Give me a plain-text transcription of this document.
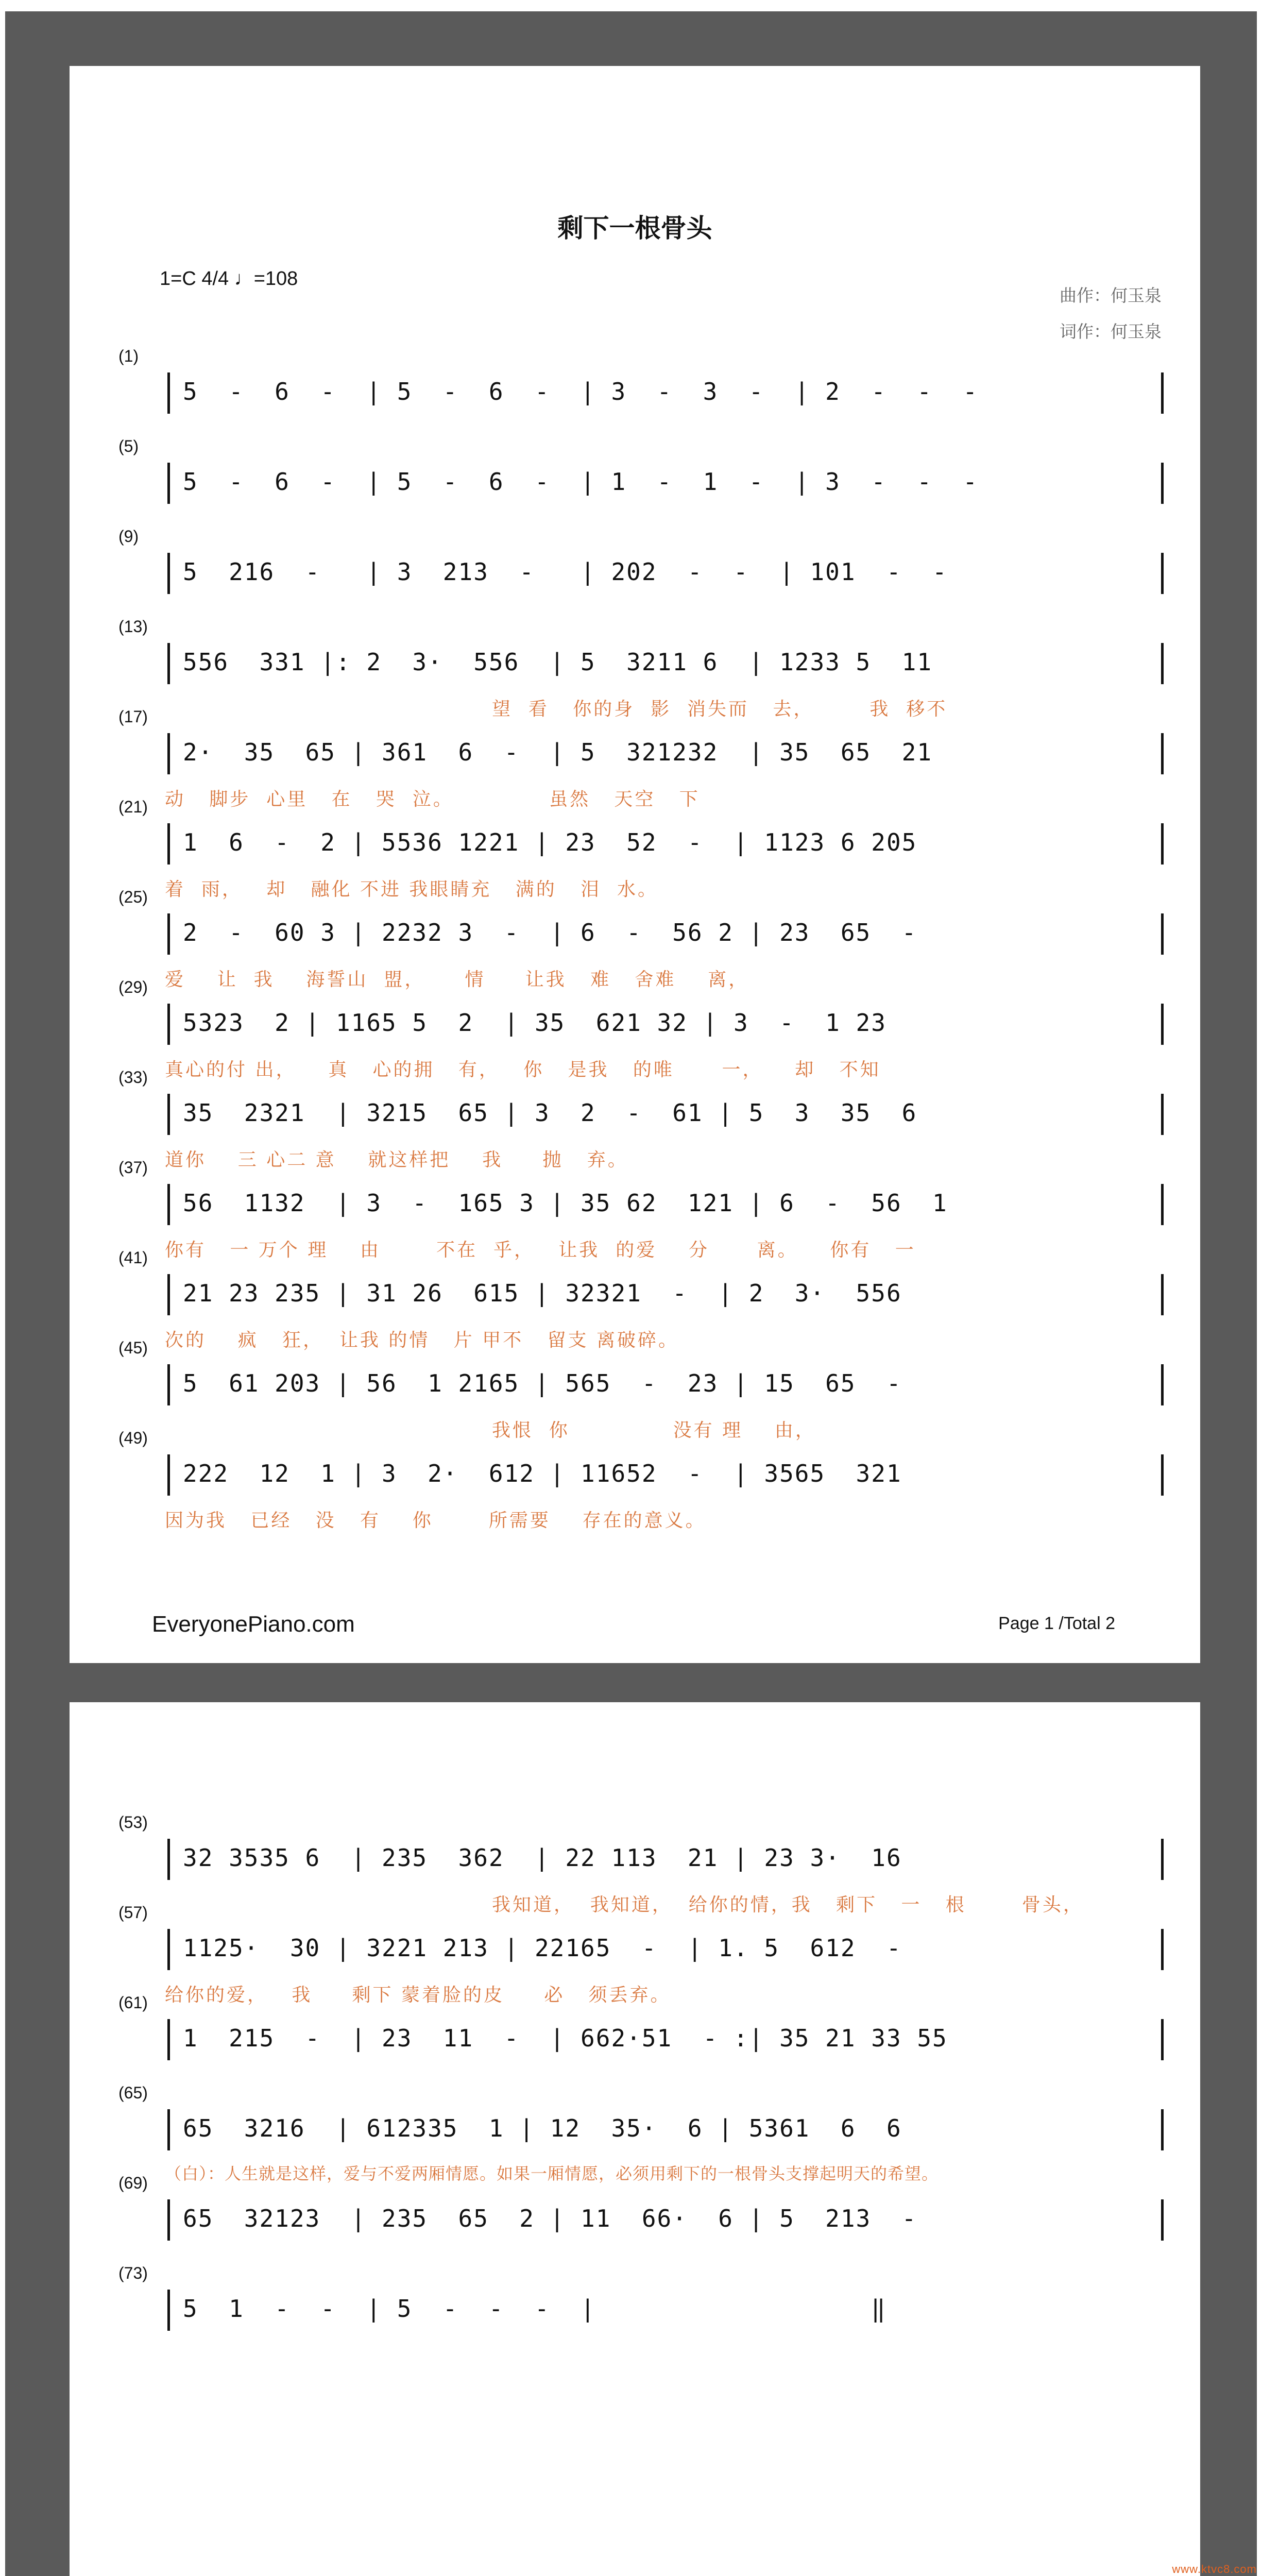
剩下一根骨头
1=C 4/4 ♩=108
曲作：何玉泉
词作：何玉泉
(1)
5  -  6  -  | 5  -  6  -  | 3  -  3  -  | 2  -  -  -
(5)
5  -  6  -  | 5  -  6  -  | 1  -  1  -  | 3  -  -  -
(9)
5  216  -   | 3  213  -   | 202  -  -  | 101  -  -
(13)
556  331 |: 2  3·  556  | 5  3211 6  | 1233 5  11
望  看   你的身  影  消失而   去，       我  移不
(17)
2·  35  65 | 361  6  -  | 5  321232  | 35  65  21
动   脚步  心里   在   哭  泣。            虽然   天空   下
(21)
1  6  -  2 | 5536 1221 | 23  52  -  | 1123 6 205
着  雨，   却   融化 不进 我眼睛充   满的   泪  水。
(25)
2  -  60 3 | 2232 3  -  | 6  -  56 2 | 23  65  -
爱    让  我    海誓山  盟，     情     让我   难   舍难    离，
(29)
5323  2 | 1165 5  2  | 35  621 32 | 3  -  1 23
真心的付 出，    真   心的拥   有，   你   是我   的唯      一，    却   不知
(33)
35  2321  | 3215  65 | 3  2  -  61 | 5  3  35  6
道你    三 心二 意    就这样把    我     抛   弃。
(37)
56  1132  | 3  -  165 3 | 35 62  121 | 6  -  56  1
你有   一 万个 理    由       不在  乎，   让我  的爱    分      离。    你有   一
(41)
21 23 235 | 31 26  615 | 32321  -  | 2  3·  556
次的    疯   狂，  让我 的情   片 甲不   留支 离破碎。
(45)
5  61 203 | 56  1 2165 | 565  -  23 | 15  65  -
我恨  你             没有 理    由，
(49)
222  12  1 | 3  2·  612 | 11652  -  | 3565  321
因为我   已经   没   有    你       所需要    存在的意义。
EveryonePiano.com	Page 1 /Total 2
(53)
32 3535 6  | 235  362  | 22 113  21 | 23 3·  16
我知道，  我知道，  给你的情，我   剩下   一   根       骨头，
(57)
1125·  30 | 3221 213 | 22165  -  | 1. 5  612  -
给你的爱，   我     剩下 蒙着脸的皮     必   须丢弃。
(61)
1  215  -  | 23  11  -  | 662·51  - :| 35 21 33 55
(65)
65  3216  | 612335  1 | 12  35·  6 | 5361  6  6
（白）：人生就是这样，爱与不爱两厢情愿。如果一厢情愿，必须用剩下的一根骨头支撑起明天的希望。
(69)
65  32123  | 235  65  2 | 11  66·  6 | 5  213  -
(73)
5  1  -  -  | 5  -  -  -  |                  ‖
www.ktvc8.com
